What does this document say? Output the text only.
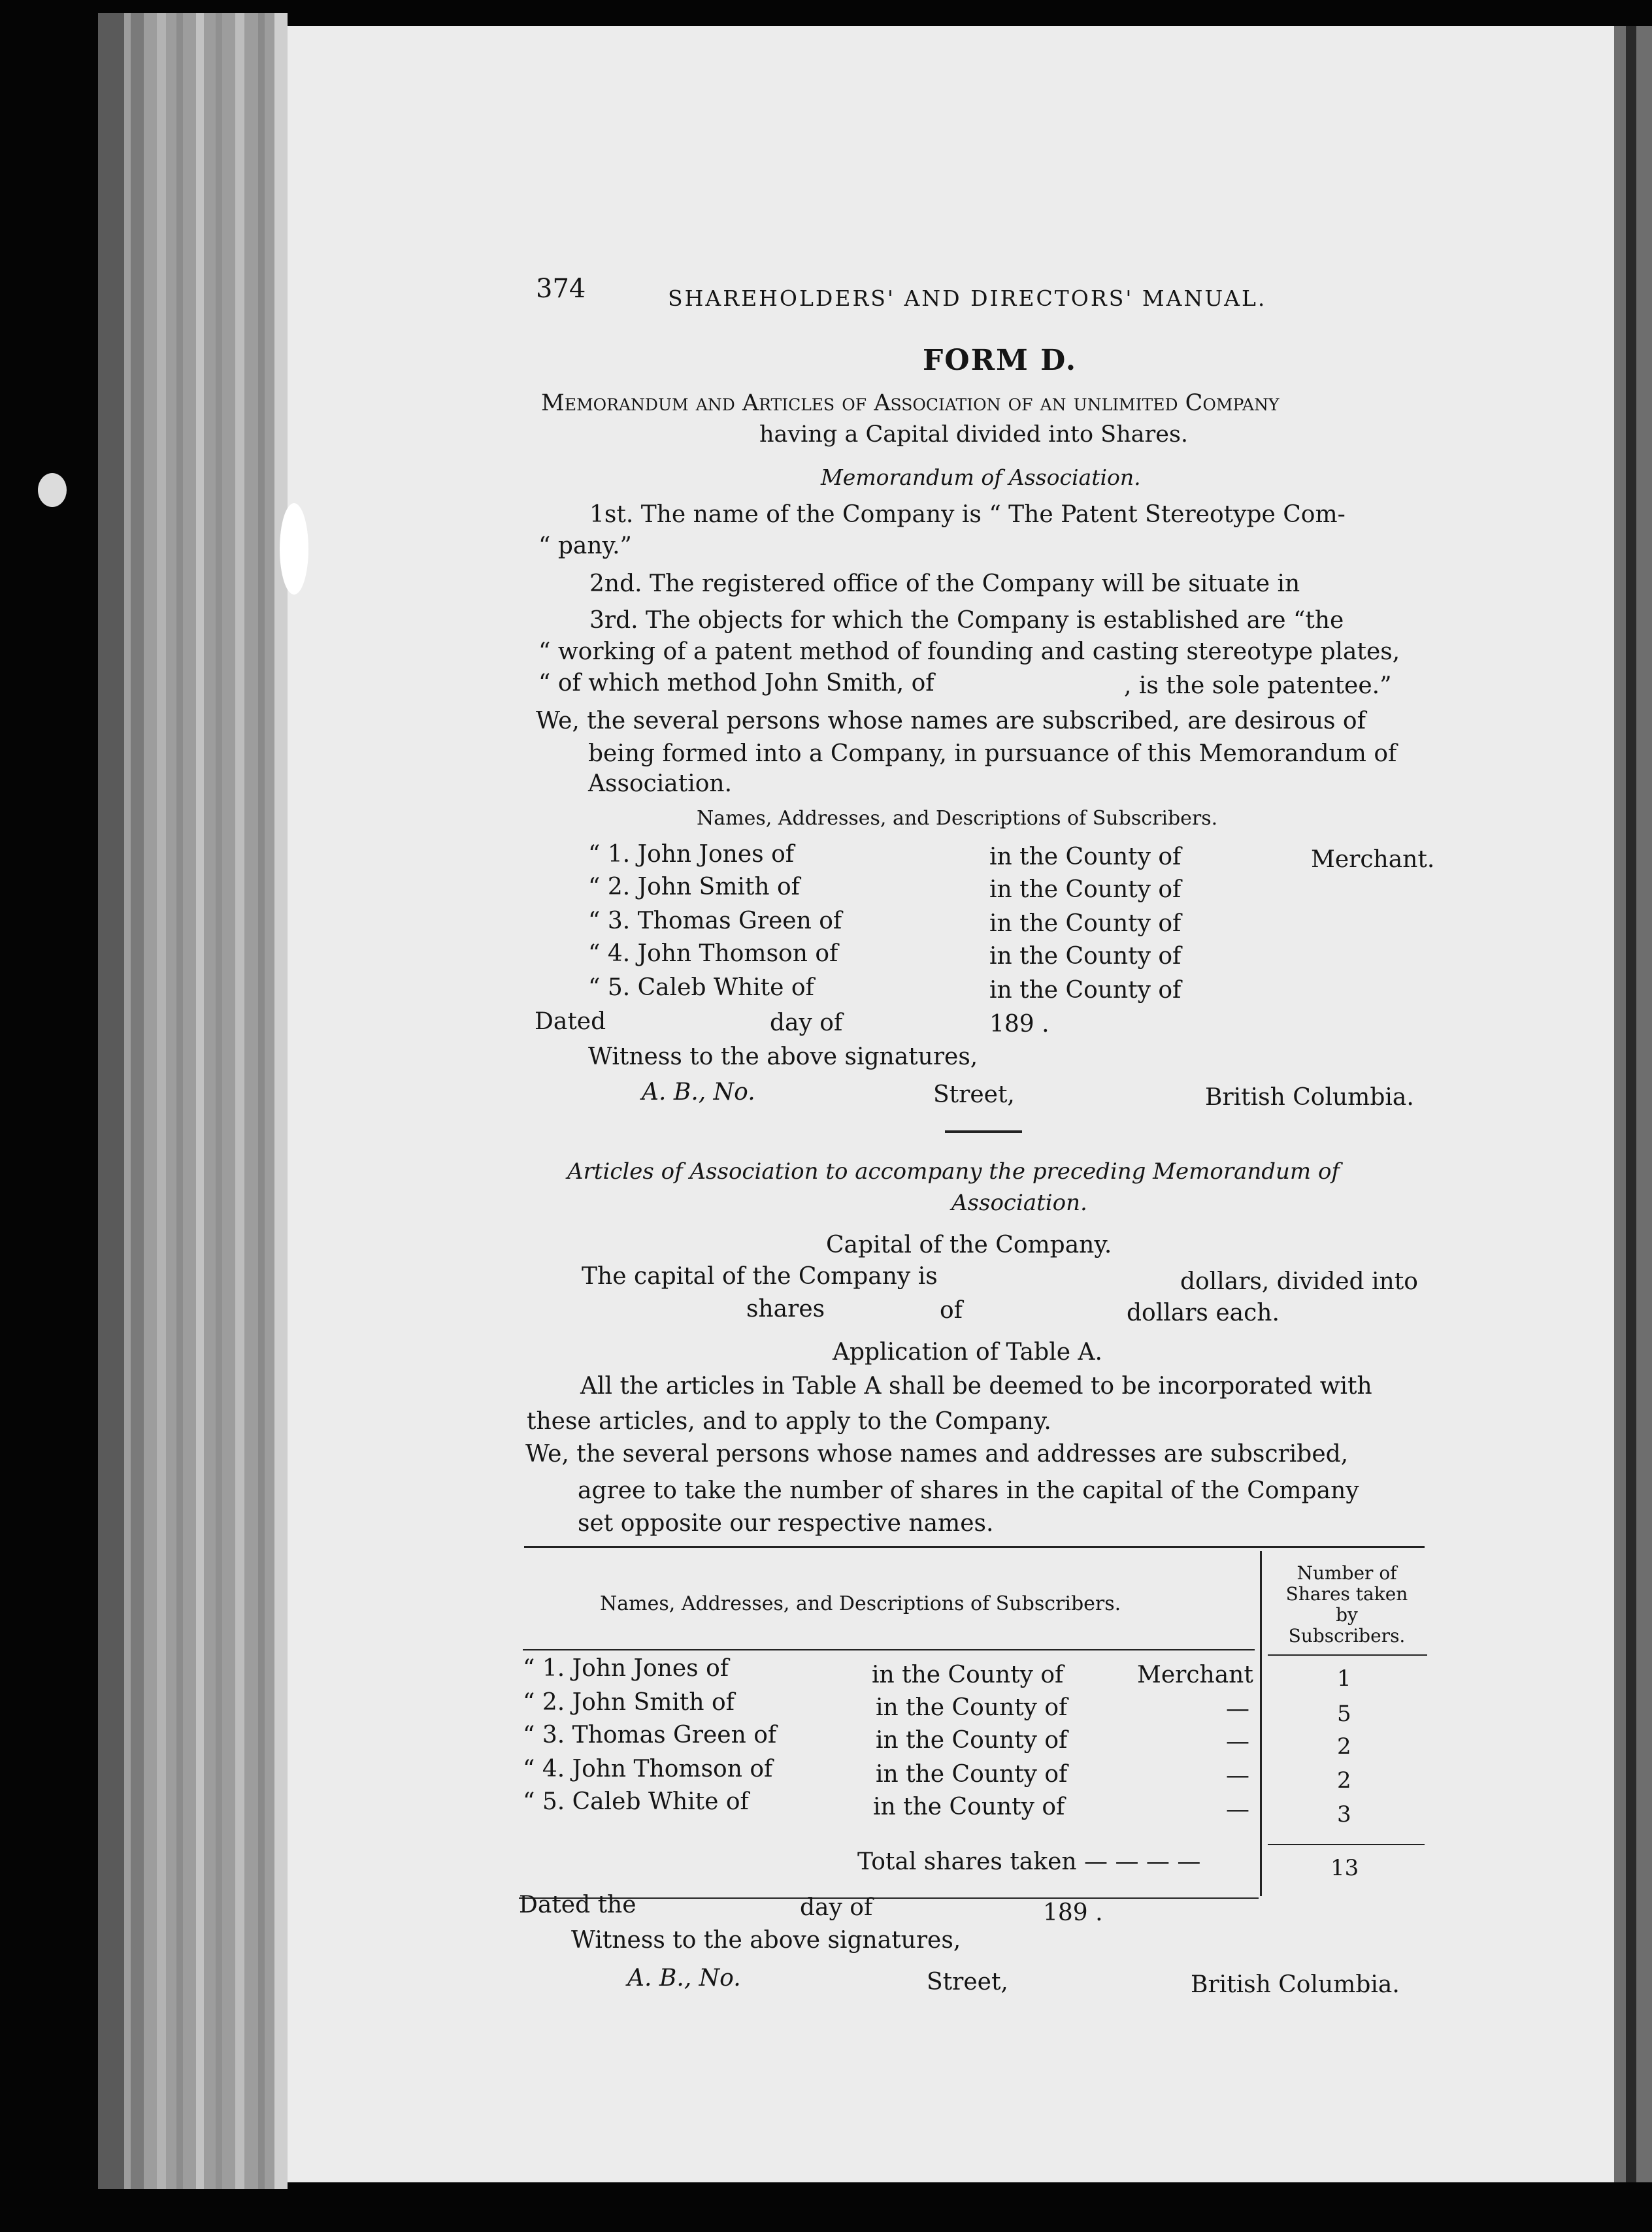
374	SHAREHOLDERS' AND DIRECTORS' MANUAL.
FORM D.
Memorandum and Articles of Association of an unlimited Company
having a Capital divided into Shares.
Memorandum of Association.
1st. The name of the Company is “ The Patent Stereotype Com-
“ pany.”
2nd. The registered office of the Company will be situate in
3rd. The objects for which the Company is established are “the
“ working of a patent method of founding and casting stereotype plates,
“ of which method John Smith, of	, is the sole patentee.”
We, the several persons whose names are subscribed, are desirous of
being formed into a Company, in pursuance of this Memorandum of
Association.
Names, Addresses, and Descriptions of Subscribers.
“ 1. John Jones of	in the County of	Merchant.
“ 2. John Smith of	in the County of
“ 3. Thomas Green of	in the County of
“ 4. John Thomson of	in the County of
“ 5. Caleb White of	in the County of
Dated	day of	189 .
Witness to the above signatures,
A. B., No.	Street,	British Columbia.
Articles of Association to accompany the preceding Memorandum of
Association.
Capital of the Company.
The capital of the Company is	dollars, divided into
shares	of	dollars each.
Application of Table A.
All the articles in Table A shall be deemed to be incorporated with
these articles, and to apply to the Company.
We, the several persons whose names and addresses are subscribed,
agree to take the number of shares in the capital of the Company
set opposite our respective names.
Names, Addresses, and Descriptions of Subscribers.
Number of
Shares taken
by
Subscribers.
“ 1. John Jones of	in the County of	Merchant	1
“ 2. John Smith of	in the County of	—	5
“ 3. Thomas Green of	in the County of	—	2
“ 4. John Thomson of	in the County of	—	2
“ 5. Caleb White of	in the County of	—	3
Total shares taken — — — —	13
Dated the	day of	189 .
Witness to the above signatures,
A. B., No.	Street,	British Columbia.
